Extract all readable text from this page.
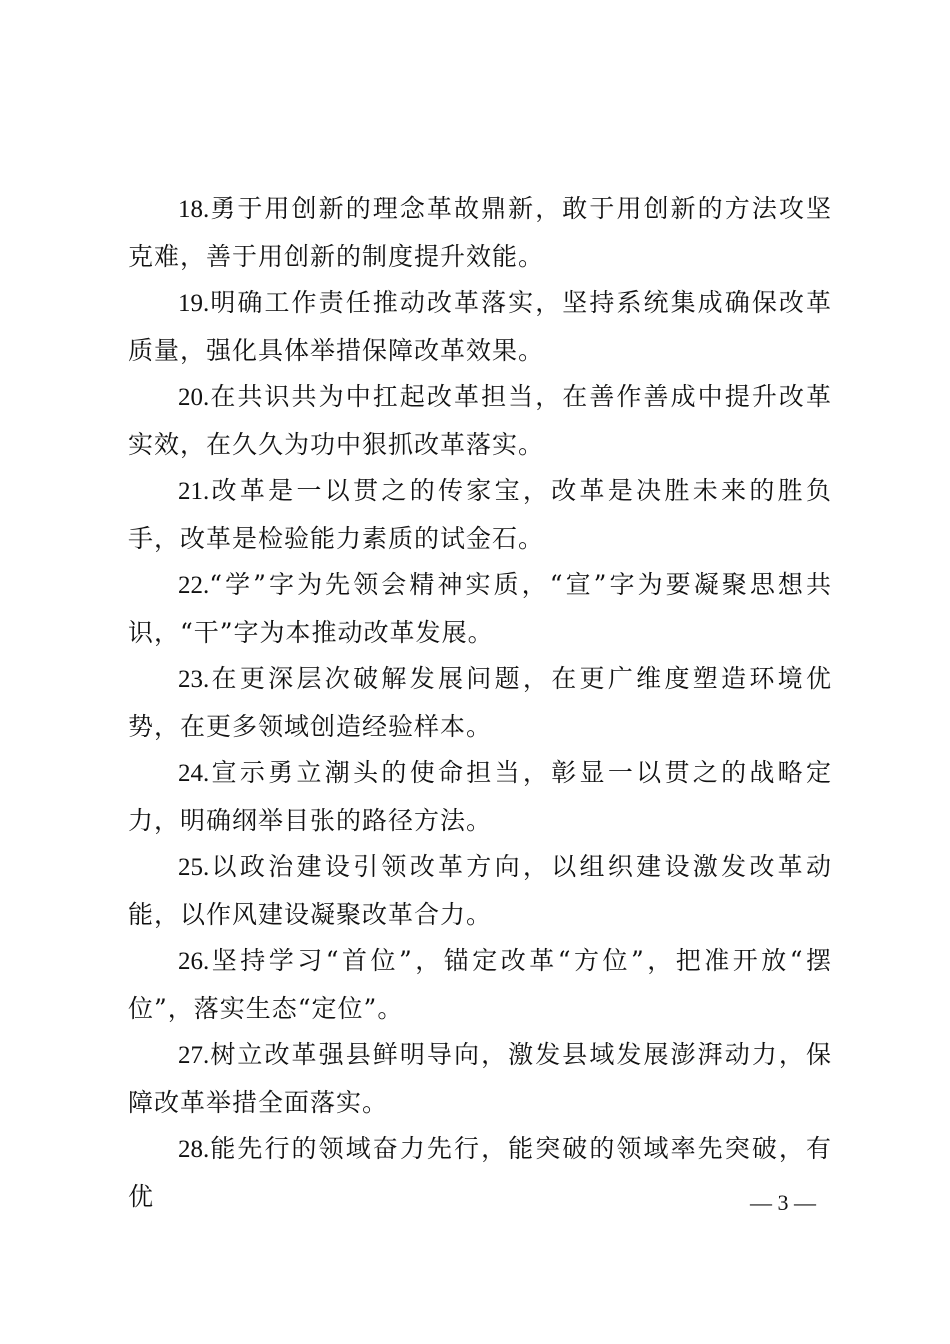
18.勇于用创新的理念革故鼎新，敢于用创新的方法攻坚克难，善于用创新的制度提升效能。

19.明确工作责任推动改革落实，坚持系统集成确保改革质量，强化具体举措保障改革效果。

20.在共识共为中扛起改革担当，在善作善成中提升改革实效，在久久为功中狠抓改革落实。

21.改革是一以贯之的传家宝，改革是决胜未来的胜负手，改革是检验能力素质的试金石。

22.“学”字为先领会精神实质，“宣”字为要凝聚思想共识，“干”字为本推动改革发展。

23.在更深层次破解发展问题，在更广维度塑造环境优势，在更多领域创造经验样本。

24.宣示勇立潮头的使命担当，彰显一以贯之的战略定力，明确纲举目张的路径方法。

25.以政治建设引领改革方向，以组织建设激发改革动能，以作风建设凝聚改革合力。

26.坚持学习“首位”，锚定改革“方位”，把准开放“摆位”，落实生态“定位”。

27.树立改革强县鲜明导向，激发县域发展澎湃动力，保障改革举措全面落实。

28.能先行的领域奋力先行，能突破的领域率先突破，有优	— 3 —
